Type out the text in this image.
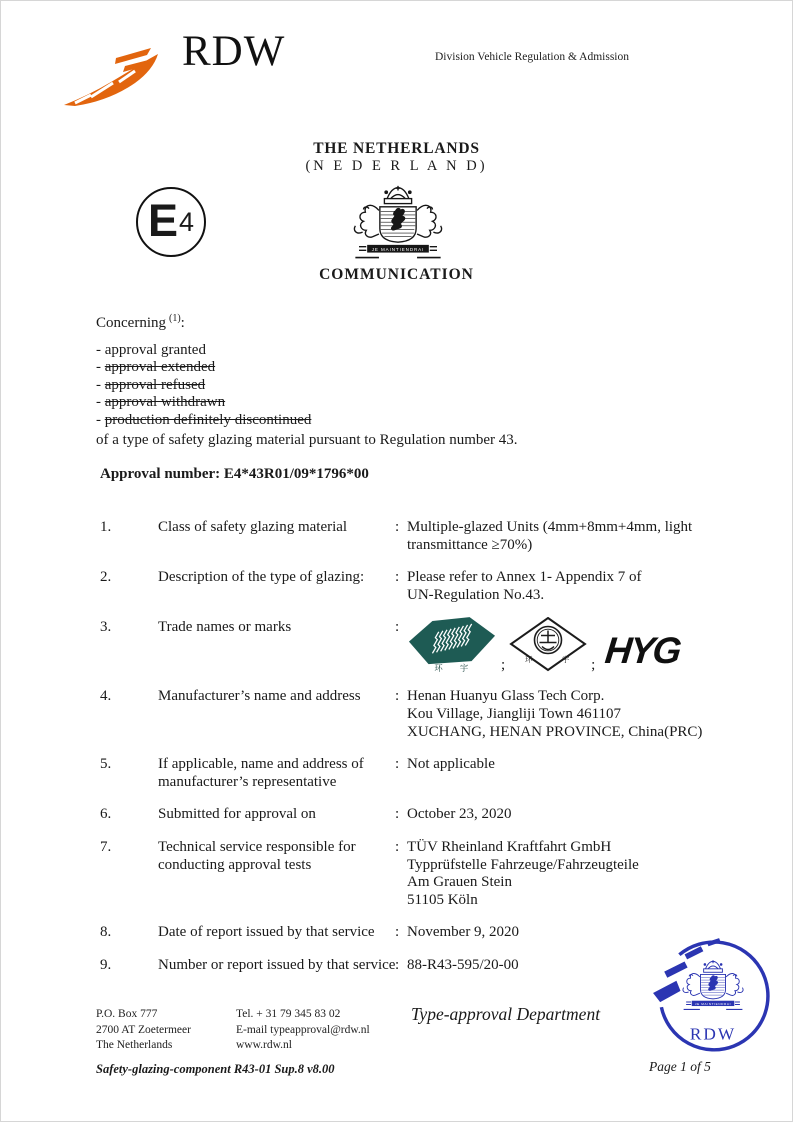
RDW	Division Vehicle Regulation & Admission
THE NETHERLANDS
(N E D E R L A N D)
E 4
COMMUNICATION
Concerning  $^{(1)}$:
- approval granted
- approval extended
- approval refused
- approval withdrawn
- production definitely discontinued
of a type of safety glazing material pursuant to Regulation number 43.
Approval number: E4*43R01/09*1796*00
1.	Class of safety glazing material	: Multiple-glazed Units (4mm+8mm+4mm, light
transmittance ≥70%)
2.	Description of the type of glazing:	: Please refer to Annex 1- Appendix 7 of
UN-Regulation No.43.
3.	Trade names or marks	:
环 宇 ;	环	宇 ; HYG
4.	Manufacturer’s name and address	: Henan Huanyu Glass Tech Corp.
Kou Village, Jiangliji Town 461107
XUCHANG, HENAN PROVINCE, China(PRC)
5.	If applicable, name and address of
manufacturer’s representative
: Not applicable
6.	Submitted for approval on	: October 23, 2020
7.	Technical service responsible for
conducting approval tests
: TÜV Rheinland Kraftfahrt GmbH
Typprüfstelle Fahrzeuge/Fahrzeugteile
Am Grauen Stein
51105 Köln
8.	Date of report issued by that service	: November 9, 2020
9.	Number or report issued by that service : 88-R43-595/20-00
P.O. Box 777
2700 AT Zoetermeer
The Netherlands
Tel. + 31 79 345 83 02
E-mail typeapproval@rdw.nl
www.rdw.nl
Type-approval Department
Safety-glazing-component R43-01 Sup.8 v8.00	Page 1 of 5
RDW
